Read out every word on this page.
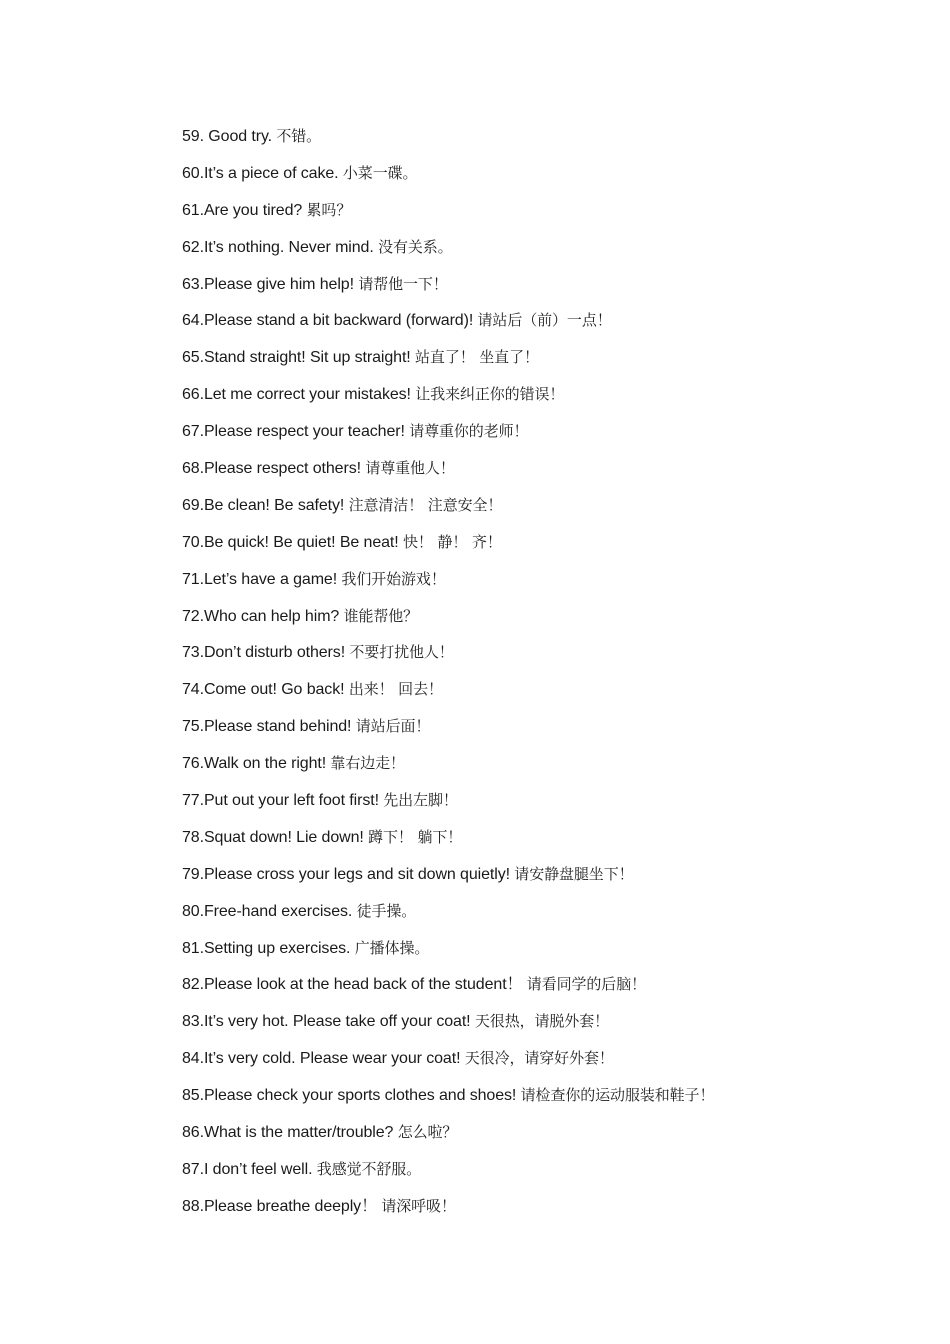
59. Good try. 不错。
60.It’s a piece of cake. 小菜一碟。
61.Are you tired? 累吗？
62.It’s nothing. Never mind. 没有关系。
63.Please give him help! 请帮他一下！
64.Please stand a bit backward (forward)! 请站后（前）一点！
65.Stand straight! Sit up straight! 站直了！ 坐直了！
66.Let me correct your mistakes! 让我来纠正你的错误！
67.Please respect your teacher! 请尊重你的老师！
68.Please respect others! 请尊重他人！
69.Be clean! Be safety! 注意清洁！ 注意安全！
70.Be quick! Be quiet! Be neat! 快！ 静！ 齐！
71.Let’s have a game! 我们开始游戏！
72.Who can help him? 谁能帮他？
73.Don’t disturb others! 不要打扰他人！
74.Come out! Go back! 出来！ 回去！
75.Please stand behind! 请站后面！
76.Walk on the right! 靠右边走！
77.Put out your left foot first! 先出左脚！
78.Squat down! Lie down! 蹲下！ 躺下！
79.Please cross your legs and sit down quietly! 请安静盘腿坐下！
80.Free-hand exercises. 徒手操。
81.Setting up exercises. 广播体操。
82.Please look at the head back of the student！ 请看同学的后脑！
83.It’s very hot. Please take off your coat! 天很热，请脱外套！
84.It’s very cold. Please wear your coat! 天很冷，请穿好外套！
85.Please check your sports clothes and shoes! 请检查你的运动服装和鞋子！
86.What is the matter/trouble? 怎么啦？
87.I don’t feel well. 我感觉不舒服。
88.Please breathe deeply！ 请深呼吸！
